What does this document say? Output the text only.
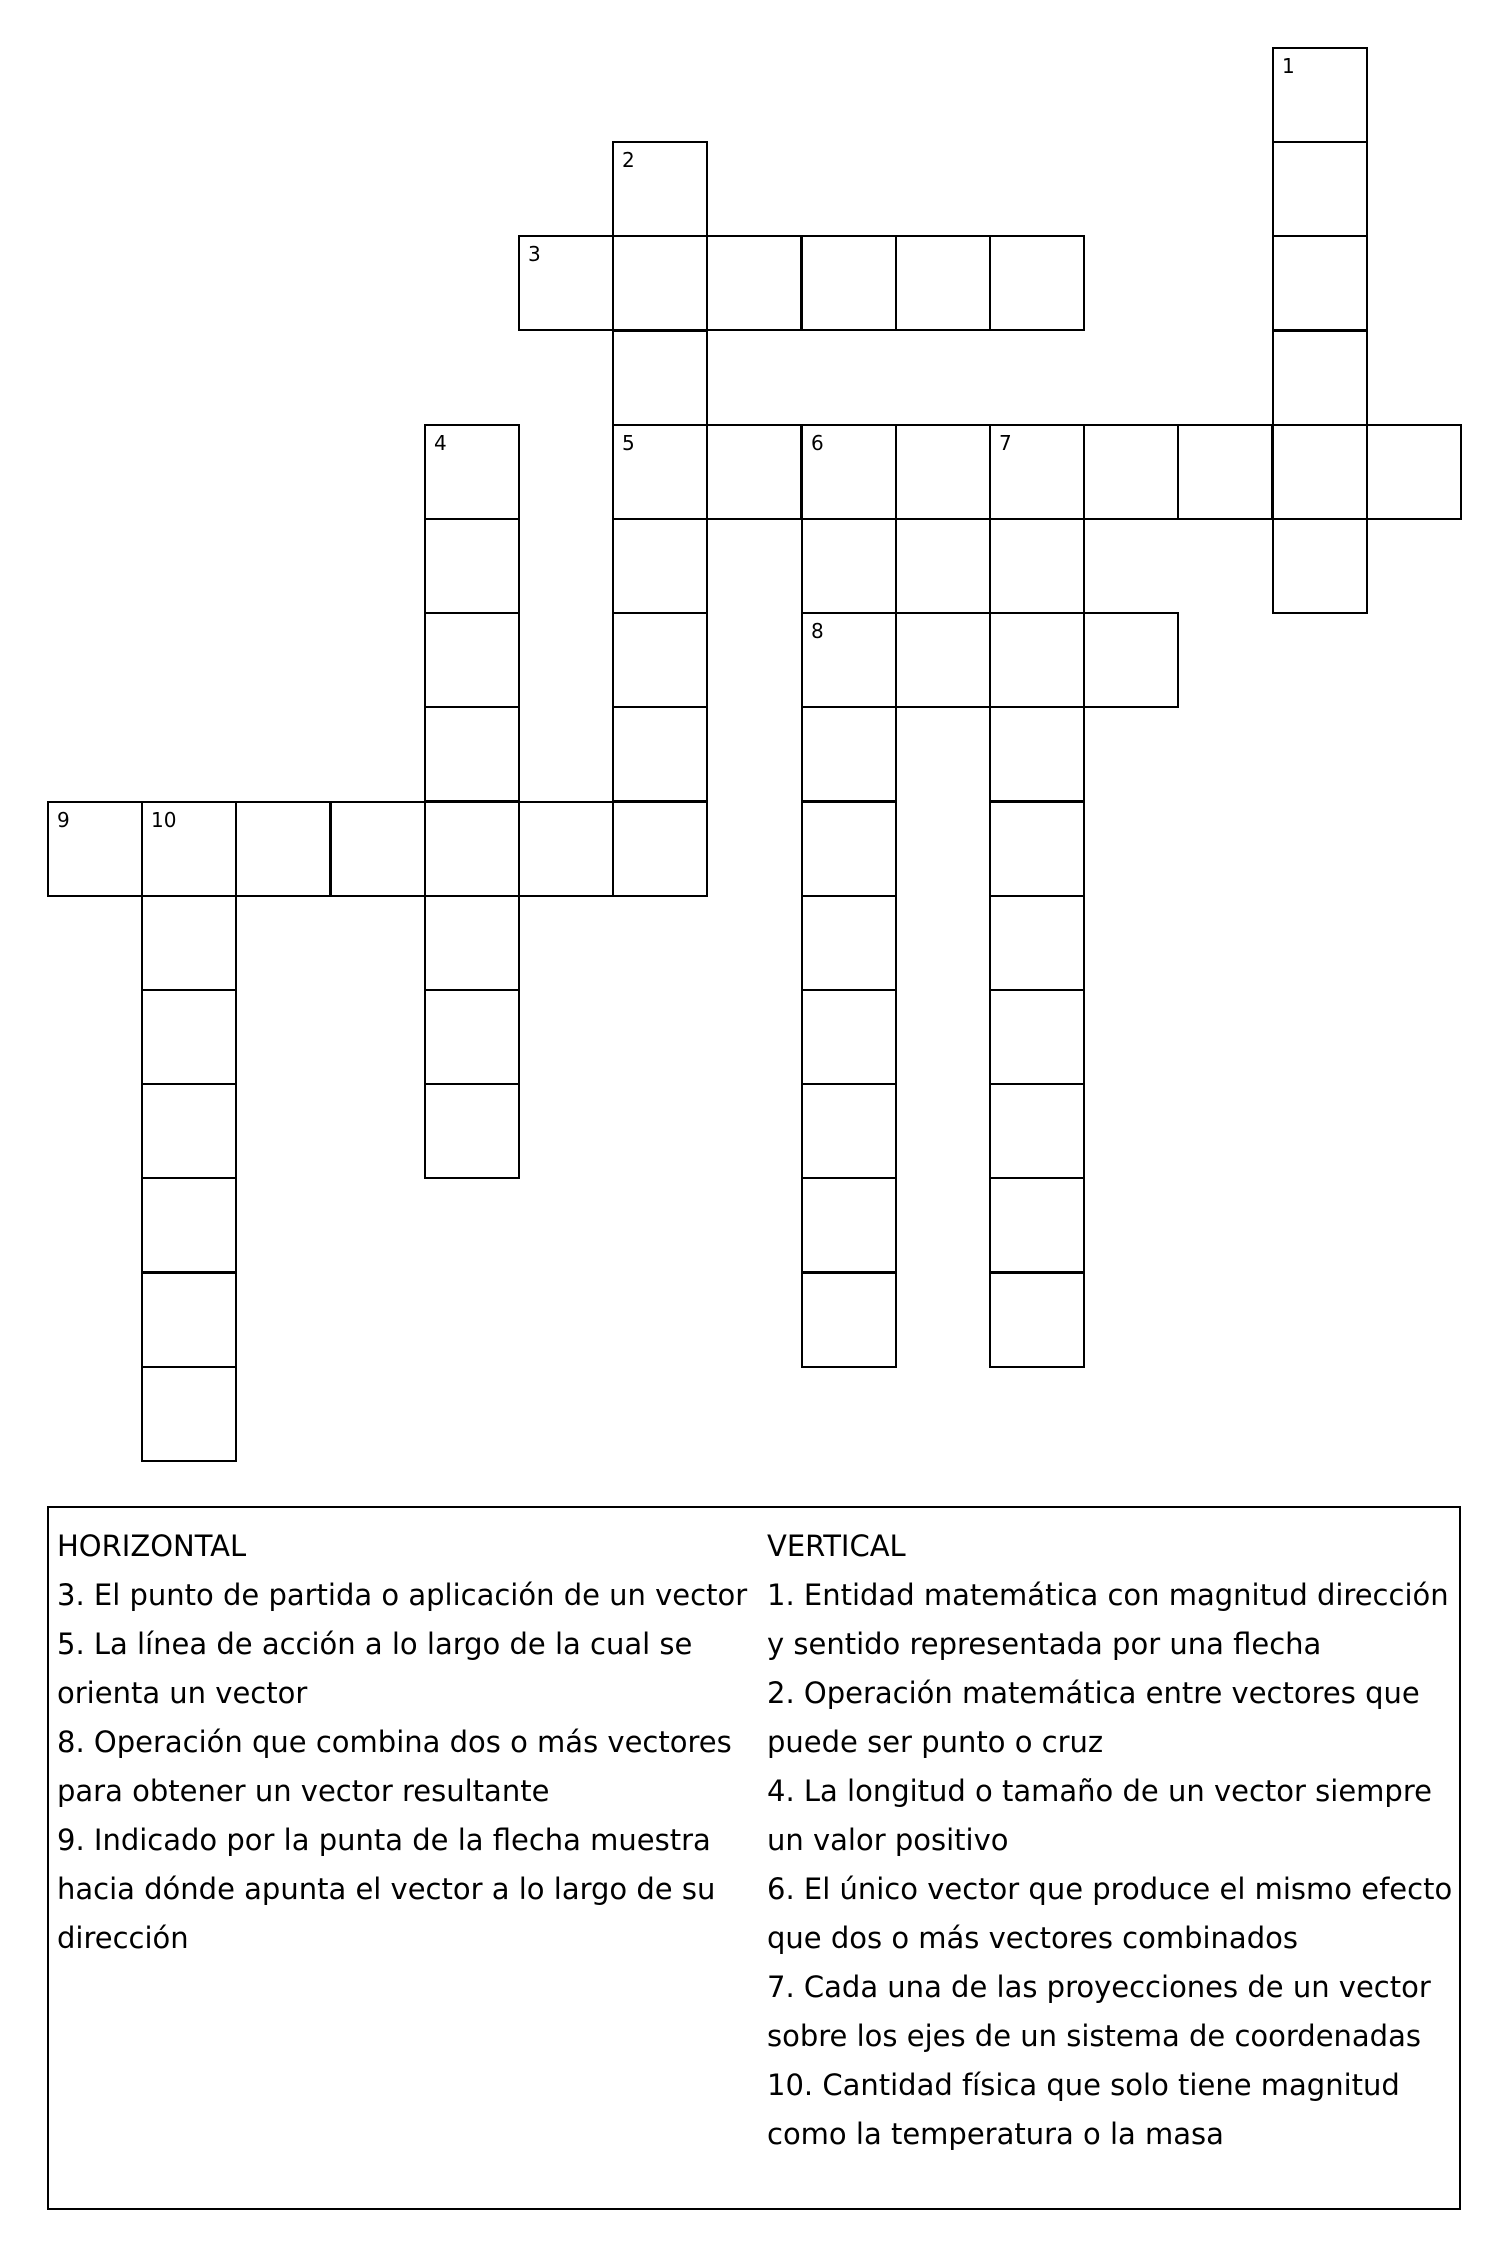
1
2
5
3
4	6	7
8
9	10

HORIZONTAL

3. El punto de partida o aplicación de un vector

5. La línea de acción a lo largo de la cual se orienta un vector

8. Operación que combina dos o más vectores para obtener un vector resultante

9. Indicado por la punta de la flecha muestra hacia dónde apunta el vector a lo largo de su dirección

VERTICAL

1. Entidad matemática con magnitud dirección y sentido representada por una flecha

2. Operación matemática entre vectores que puede ser punto o cruz

4. La longitud o tamaño de un vector siempre un valor positivo

6. El único vector que produce el mismo efecto que dos o más vectores combinados

7. Cada una de las proyecciones de un vector sobre los ejes de un sistema de coordenadas

10. Cantidad física que solo tiene magnitud como la temperatura o la masa
